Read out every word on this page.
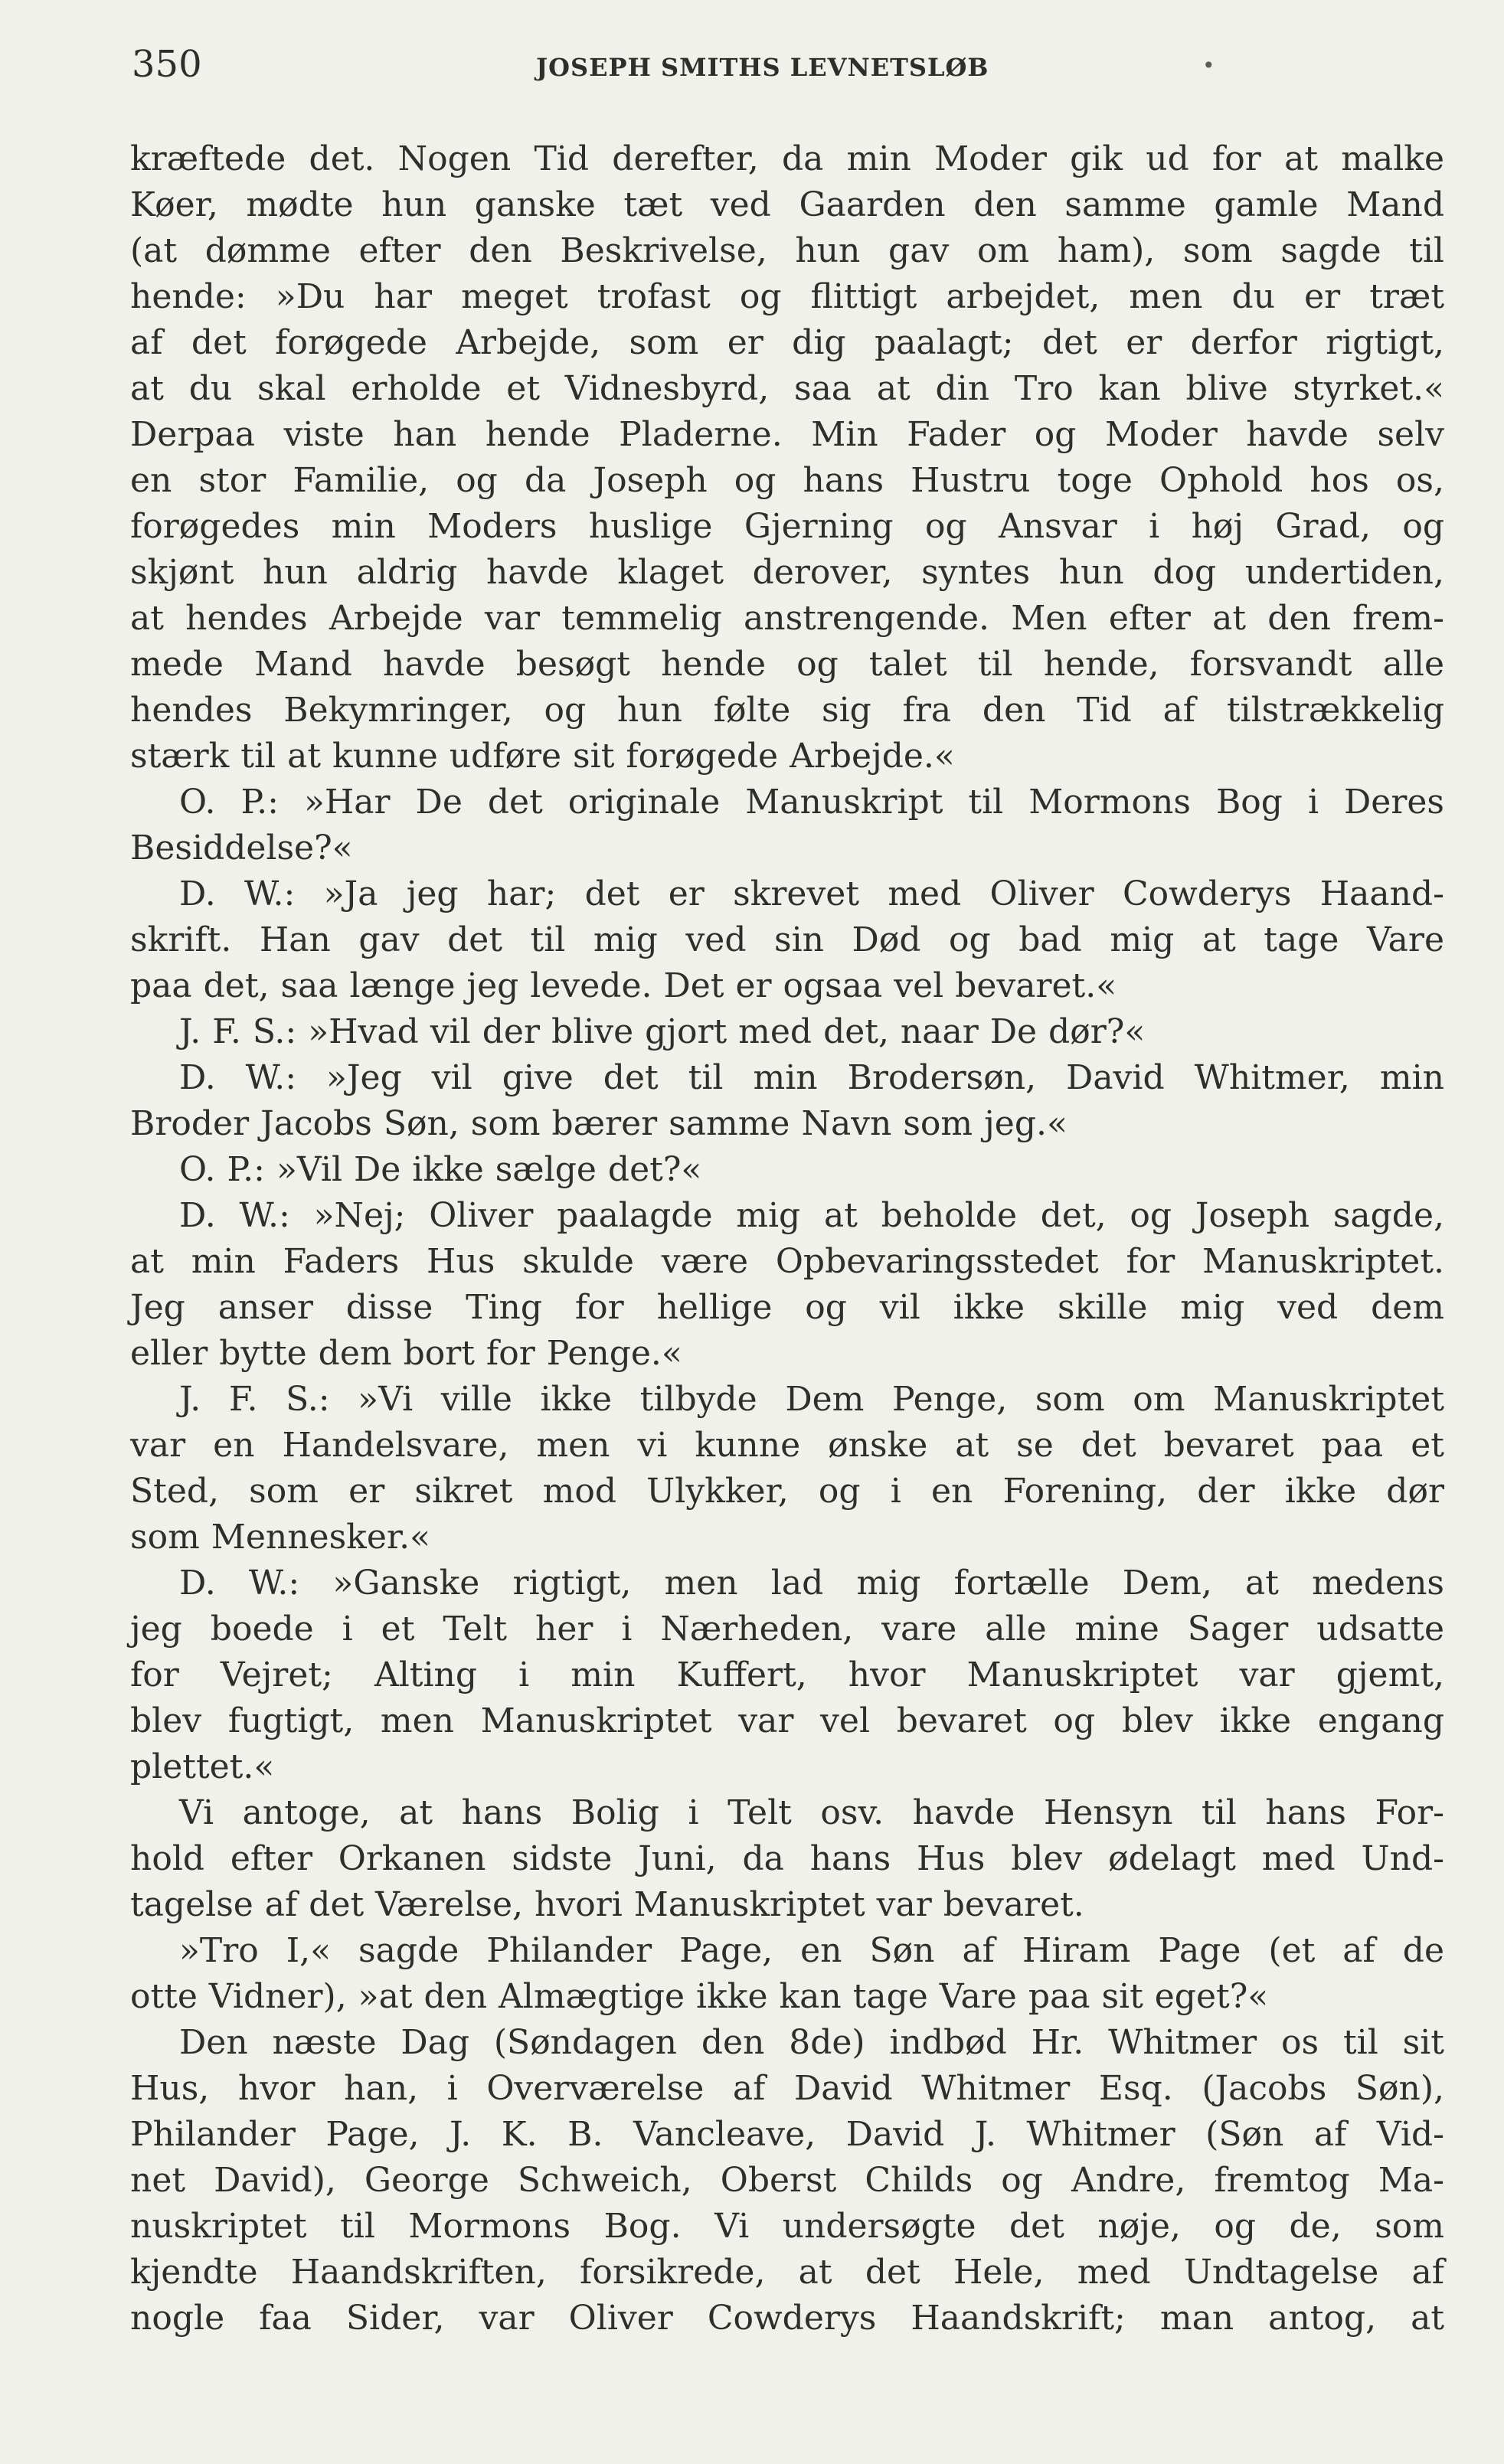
350	JOSEPH SMITHS LEVNETSLØB	•
kræftede det. Nogen Tid derefter, da min Moder gik ud for at malke
Køer, mødte hun ganske tæt ved Gaarden den samme gamle Mand
(at dømme efter den Beskrivelse, hun gav om ham), som sagde til
hende: »Du har meget trofast og flittigt arbejdet, men du er træt
af det forøgede Arbejde, som er dig paalagt; det er derfor rigtigt,
at du skal erholde et Vidnesbyrd, saa at din Tro kan blive styrket.«
Derpaa viste han hende Pladerne. Min Fader og Moder havde selv
en stor Familie, og da Joseph og hans Hustru toge Ophold hos os,
forøgedes min Moders huslige Gjerning og Ansvar i høj Grad, og
skjønt hun aldrig havde klaget derover, syntes hun dog undertiden,
at hendes Arbejde var temmelig anstrengende. Men efter at den frem-
mede Mand havde besøgt hende og talet til hende, forsvandt alle
hendes Bekymringer, og hun følte sig fra den Tid af tilstrækkelig
stærk til at kunne udføre sit forøgede Arbejde.«
O. P.: »Har De det originale Manuskript til Mormons Bog i Deres
Besiddelse?«
D. W.: »Ja jeg har; det er skrevet med Oliver Cowderys Haand-
skrift. Han gav det til mig ved sin Død og bad mig at tage Vare
paa det, saa længe jeg levede. Det er ogsaa vel bevaret.«
J. F. S.: »Hvad vil der blive gjort med det, naar De dør?«
D. W.: »Jeg vil give det til min Brodersøn, David Whitmer, min
Broder Jacobs Søn, som bærer samme Navn som jeg.«
O. P.: »Vil De ikke sælge det?«
D. W.: »Nej; Oliver paalagde mig at beholde det, og Joseph sagde,
at min Faders Hus skulde være Opbevaringsstedet for Manuskriptet.
Jeg anser disse Ting for hellige og vil ikke skille mig ved dem
eller bytte dem bort for Penge.«
J. F. S.: »Vi ville ikke tilbyde Dem Penge, som om Manuskriptet
var en Handelsvare, men vi kunne ønske at se det bevaret paa et
Sted, som er sikret mod Ulykker, og i en Forening, der ikke dør
som Mennesker.«
D. W.: »Ganske rigtigt, men lad mig fortælle Dem, at medens
jeg boede i et Telt her i Nærheden, vare alle mine Sager udsatte
for Vejret; Alting i min Kuffert, hvor Manuskriptet var gjemt,
blev fugtigt, men Manuskriptet var vel bevaret og blev ikke engang
plettet.«
Vi antoge, at hans Bolig i Telt osv. havde Hensyn til hans For-
hold efter Orkanen sidste Juni, da hans Hus blev ødelagt med Und-
tagelse af det Værelse, hvori Manuskriptet var bevaret.
»Tro I,« sagde Philander Page, en Søn af Hiram Page (et af de
otte Vidner), »at den Almægtige ikke kan tage Vare paa sit eget?«
Den næste Dag (Søndagen den 8de) indbød Hr. Whitmer os til sit
Hus, hvor han, i Overværelse af David Whitmer Esq. (Jacobs Søn),
Philander Page, J. K. B. Vancleave, David J. Whitmer (Søn af Vid-
net David), George Schweich, Oberst Childs og Andre, fremtog Ma-
nuskriptet til Mormons Bog. Vi undersøgte det nøje, og de, som
kjendte Haandskriften, forsikrede, at det Hele, med Undtagelse af
nogle faa Sider, var Oliver Cowderys Haandskrift; man antog, at
